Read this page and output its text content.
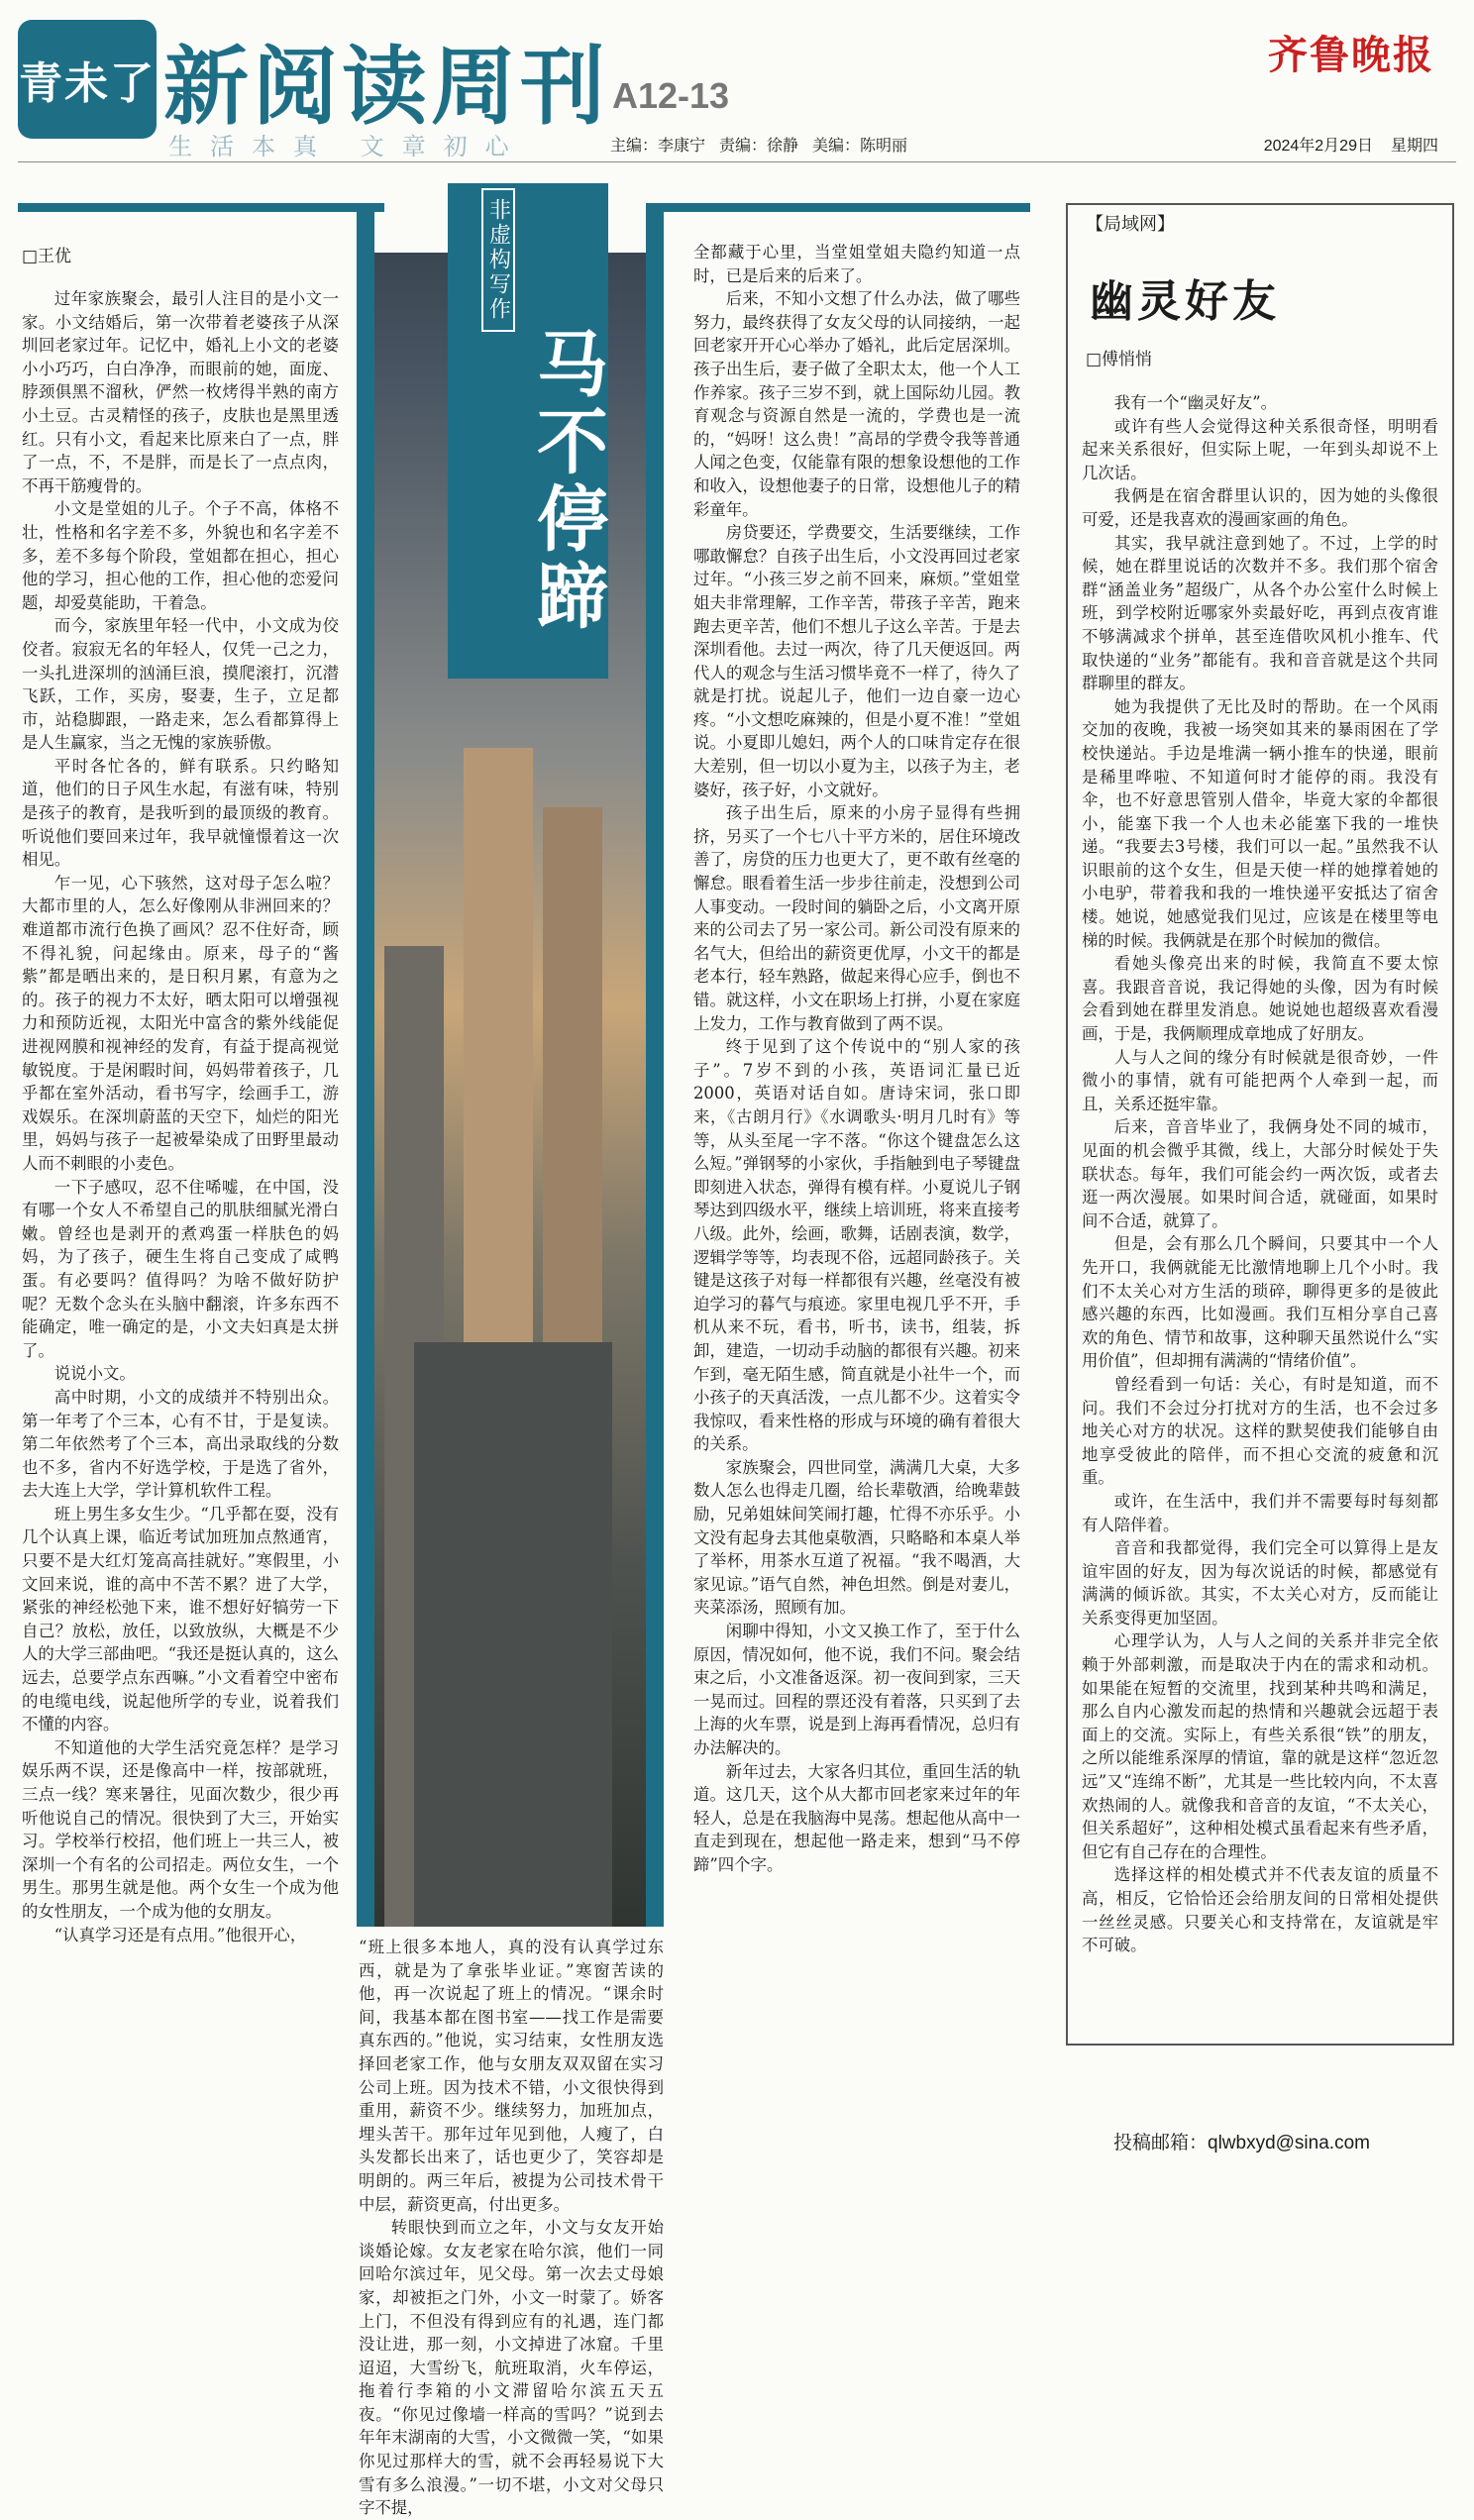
青未了 新阅读周刊 A12-13
齐鲁晚报
生活本真 文章初心	主编：李康宁 责编：徐静 美编：陈明丽	2024年2月29日 星期四
非虚构写作
马不停蹄
□王优

过年家族聚会，最引人注目的是小文一家。小文结婚后，第一次带着老婆孩子从深圳回老家过年。记忆中，婚礼上小文的老婆小小巧巧，白白净净，而眼前的她，面庞、脖颈俱黑不溜秋，俨然一枚烤得半熟的南方小土豆。古灵精怪的孩子，皮肤也是黑里透红。只有小文，看起来比原来白了一点，胖了一点，不，不是胖，而是长了一点点肉，不再干筋瘦骨的。

小文是堂姐的儿子。个子不高，体格不壮，性格和名字差不多，外貌也和名字差不多，差不多每个阶段，堂姐都在担心，担心他的学习，担心他的工作，担心他的恋爱问题，却爱莫能助，干着急。

而今，家族里年轻一代中，小文成为佼佼者。寂寂无名的年轻人，仅凭一己之力，一头扎进深圳的汹涌巨浪，摸爬滚打，沉潜飞跃，工作，买房，娶妻，生子，立足都市，站稳脚跟，一路走来，怎么看都算得上是人生赢家，当之无愧的家族骄傲。

平时各忙各的，鲜有联系。只约略知道，他们的日子风生水起，有滋有味，特别是孩子的教育，是我听到的最顶级的教育。听说他们要回来过年，我早就憧憬着这一次相见。

乍一见，心下骇然，这对母子怎么啦？大都市里的人，怎么好像刚从非洲回来的？难道都市流行色换了画风？忍不住好奇，顾不得礼貌，问起缘由。原来，母子的“酱紫”都是晒出来的，是日积月累，有意为之的。孩子的视力不太好，晒太阳可以增强视力和预防近视，太阳光中富含的紫外线能促进视网膜和视神经的发育，有益于提高视觉敏锐度。于是闲暇时间，妈妈带着孩子，几乎都在室外活动，看书写字，绘画手工，游戏娱乐。在深圳蔚蓝的天空下，灿烂的阳光里，妈妈与孩子一起被晕染成了田野里最动人而不刺眼的小麦色。

一下子感叹，忍不住唏嘘，在中国，没有哪一个女人不希望自己的肌肤细腻光滑白嫩。曾经也是剥开的煮鸡蛋一样肤色的妈妈，为了孩子，硬生生将自己变成了咸鸭蛋。有必要吗？值得吗？为啥不做好防护呢？无数个念头在头脑中翻滚，许多东西不能确定，唯一确定的是，小文夫妇真是太拼了。

说说小文。

高中时期，小文的成绩并不特别出众。第一年考了个三本，心有不甘，于是复读。第二年依然考了个三本，高出录取线的分数也不多，省内不好选学校，于是选了省外，去大连上大学，学计算机软件工程。

班上男生多女生少。“几乎都在耍，没有几个认真上课，临近考试加班加点熬通宵，只要不是大红灯笼高高挂就好。”寒假里，小文回来说，谁的高中不苦不累？进了大学，紧张的神经松弛下来，谁不想好好犒劳一下自己？放松，放任，以致放纵，大概是不少人的大学三部曲吧。“我还是挺认真的，这么远去，总要学点东西嘛。”小文看着空中密布的电缆电线，说起他所学的专业，说着我们不懂的内容。

不知道他的大学生活究竟怎样？是学习娱乐两不误，还是像高中一样，按部就班，三点一线？寒来暑往，见面次数少，很少再听他说自己的情况。很快到了大三，开始实习。学校举行校招，他们班上一共三人，被深圳一个有名的公司招走。两位女生，一个男生。那男生就是他。两个女生一个成为他的女性朋友，一个成为他的女朋友。

“认真学习还是有点用。”他很开心，

全都藏于心里，当堂姐堂姐夫隐约知道一点时，已是后来的后来了。

后来，不知小文想了什么办法，做了哪些努力，最终获得了女友父母的认同接纳，一起回老家开开心心举办了婚礼，此后定居深圳。孩子出生后，妻子做了全职太太，他一个人工作养家。孩子三岁不到，就上国际幼儿园。教育观念与资源自然是一流的，学费也是一流的，“妈呀！这么贵！”高昂的学费令我等普通人闻之色变，仅能靠有限的想象设想他的工作和收入，设想他妻子的日常，设想他儿子的精彩童年。

房贷要还，学费要交，生活要继续，工作哪敢懈怠？自孩子出生后，小文没再回过老家过年。“小孩三岁之前不回来，麻烦。”堂姐堂姐夫非常理解，工作辛苦，带孩子辛苦，跑来跑去更辛苦，他们不想儿子这么辛苦。于是去深圳看他。去过一两次，待了几天便返回。两代人的观念与生活习惯毕竟不一样了，待久了就是打扰。说起儿子，他们一边自豪一边心疼。“小文想吃麻辣的，但是小夏不准！”堂姐说。小夏即儿媳妇，两个人的口味肯定存在很大差别，但一切以小夏为主，以孩子为主，老婆好，孩子好，小文就好。

孩子出生后，原来的小房子显得有些拥挤，另买了一个七八十平方米的，居住环境改善了，房贷的压力也更大了，更不敢有丝毫的懈怠。眼看着生活一步步往前走，没想到公司人事变动。一段时间的躺卧之后，小文离开原来的公司去了另一家公司。新公司没有原来的名气大，但给出的薪资更优厚，小文干的都是老本行，轻车熟路，做起来得心应手，倒也不错。就这样，小文在职场上打拼，小夏在家庭上发力，工作与教育做到了两不误。

终于见到了这个传说中的“别人家的孩子”。7岁不到的小孩，英语词汇量已近2000，英语对话自如。唐诗宋词，张口即来，《古朗月行》《水调歌头·明月几时有》等等，从头至尾一字不落。“你这个键盘怎么这么短。”弹钢琴的小家伙，手指触到电子琴键盘即刻进入状态，弹得有模有样。小夏说儿子钢琴达到四级水平，继续上培训班，将来直接考八级。此外，绘画，歌舞，话剧表演，数学，逻辑学等等，均表现不俗，远超同龄孩子。关键是这孩子对每一样都很有兴趣，丝毫没有被迫学习的暮气与痕迹。家里电视几乎不开，手机从来不玩，看书，听书，读书，组装，拆卸，建造，一切动手动脑的都很有兴趣。初来乍到，毫无陌生感，简直就是小社牛一个，而小孩子的天真活泼，一点儿都不少。这着实令我惊叹，看来性格的形成与环境的确有着很大的关系。

家族聚会，四世同堂，满满几大桌，大多数人怎么也得走几圈，给长辈敬酒，给晚辈鼓励，兄弟姐妹间笑闹打趣，忙得不亦乐乎。小文没有起身去其他桌敬酒，只略略和本桌人举了举杯，用茶水互道了祝福。“我不喝酒，大家见谅。”语气自然，神色坦然。倒是对妻儿，夹菜添汤，照顾有加。

闲聊中得知，小文又换工作了，至于什么原因，情况如何，他不说，我们不问。聚会结束之后，小文准备返深。初一夜间到家，三天一晃而过。回程的票还没有着落，只买到了去上海的火车票，说是到上海再看情况，总归有办法解决的。

新年过去，大家各归其位，重回生活的轨道。这几天，这个从大都市回老家来过年的年轻人，总是在我脑海中晃荡。想起他从高中一直走到现在，想起他一路走来，想到“马不停蹄”四个字。

“班上很多本地人，真的没有认真学过东西，就是为了拿张毕业证。”寒窗苦读的他，再一次说起了班上的情况。“课余时间，我基本都在图书室——找工作是需要真东西的。”他说，实习结束，女性朋友选择回老家工作，他与女朋友双双留在实习公司上班。因为技术不错，小文很快得到重用，薪资不少。继续努力，加班加点，埋头苦干。那年过年见到他，人瘦了，白头发都长出来了，话也更少了，笑容却是明朗的。两三年后，被提为公司技术骨干中层，薪资更高，付出更多。

转眼快到而立之年，小文与女友开始谈婚论嫁。女友老家在哈尔滨，他们一同回哈尔滨过年，见父母。第一次去丈母娘家，却被拒之门外，小文一时蒙了。娇客上门，不但没有得到应有的礼遇，连门都没让进，那一刻，小文掉进了冰窟。千里迢迢，大雪纷飞，航班取消，火车停运，拖着行李箱的小文滞留哈尔滨五天五夜。“你见过像墙一样高的雪吗？”说到去年年末湖南的大雪，小文微微一笑，“如果你见过那样大的雪，就不会再轻易说下大雪有多么浪漫。”一切不堪，小文对父母只字不提，

【局域网】
幽灵好友
□傅悄悄

我有一个“幽灵好友”。

或许有些人会觉得这种关系很奇怪，明明看起来关系很好，但实际上呢，一年到头却说不上几次话。

我俩是在宿舍群里认识的，因为她的头像很可爱，还是我喜欢的漫画家画的角色。

其实，我早就注意到她了。不过，上学的时候，她在群里说话的次数并不多。我们那个宿舍群“涵盖业务”超级广，从各个办公室什么时候上班，到学校附近哪家外卖最好吃，再到点夜宵谁不够满减求个拼单，甚至连借吹风机小推车、代取快递的“业务”都能有。我和音音就是这个共同群聊里的群友。

她为我提供了无比及时的帮助。在一个风雨交加的夜晚，我被一场突如其来的暴雨困在了学校快递站。手边是堆满一辆小推车的快递，眼前是稀里哗啦、不知道何时才能停的雨。我没有伞，也不好意思管别人借伞，毕竟大家的伞都很小，能塞下我一个人也未必能塞下我的一堆快递。“我要去3号楼，我们可以一起。”虽然我不认识眼前的这个女生，但是天使一样的她撑着她的小电驴，带着我和我的一堆快递平安抵达了宿舍楼。她说，她感觉我们见过，应该是在楼里等电梯的时候。我俩就是在那个时候加的微信。

看她头像亮出来的时候，我简直不要太惊喜。我跟音音说，我记得她的头像，因为有时候会看到她在群里发消息。她说她也超级喜欢看漫画，于是，我俩顺理成章地成了好朋友。

人与人之间的缘分有时候就是很奇妙，一件微小的事情，就有可能把两个人牵到一起，而且，关系还挺牢靠。

后来，音音毕业了，我俩身处不同的城市，见面的机会微乎其微，线上，大部分时候处于失联状态。每年，我们可能会约一两次饭，或者去逛一两次漫展。如果时间合适，就碰面，如果时间不合适，就算了。

但是，会有那么几个瞬间，只要其中一个人先开口，我俩就能无比激情地聊上几个小时。我们不太关心对方生活的琐碎，聊得更多的是彼此感兴趣的东西，比如漫画。我们互相分享自己喜欢的角色、情节和故事，这种聊天虽然说什么“实用价值”，但却拥有满满的“情绪价值”。

曾经看到一句话：关心，有时是知道，而不问。我们不会过分打扰对方的生活，也不会过多地关心对方的状况。这样的默契使我们能够自由地享受彼此的陪伴，而不担心交流的疲惫和沉重。

或许，在生活中，我们并不需要每时每刻都有人陪伴着。

音音和我都觉得，我们完全可以算得上是友谊牢固的好友，因为每次说话的时候，都感觉有满满的倾诉欲。其实，不太关心对方，反而能让关系变得更加坚固。

心理学认为，人与人之间的关系并非完全依赖于外部刺激，而是取决于内在的需求和动机。如果能在短暂的交流里，找到某种共鸣和满足，那么自内心激发而起的热情和兴趣就会远超于表面上的交流。实际上，有些关系很“铁”的朋友，之所以能维系深厚的情谊，靠的就是这样“忽近忽远”又“连绵不断”，尤其是一些比较内向，不太喜欢热闹的人。就像我和音音的友谊，“不太关心，但关系超好”，这种相处模式虽看起来有些矛盾，但它有自己存在的合理性。

选择这样的相处模式并不代表友谊的质量不高，相反，它恰恰还会给朋友间的日常相处提供一丝丝灵感。只要关心和支持常在，友谊就是牢不可破。

投稿邮箱：qlwbxyd@sina.com
